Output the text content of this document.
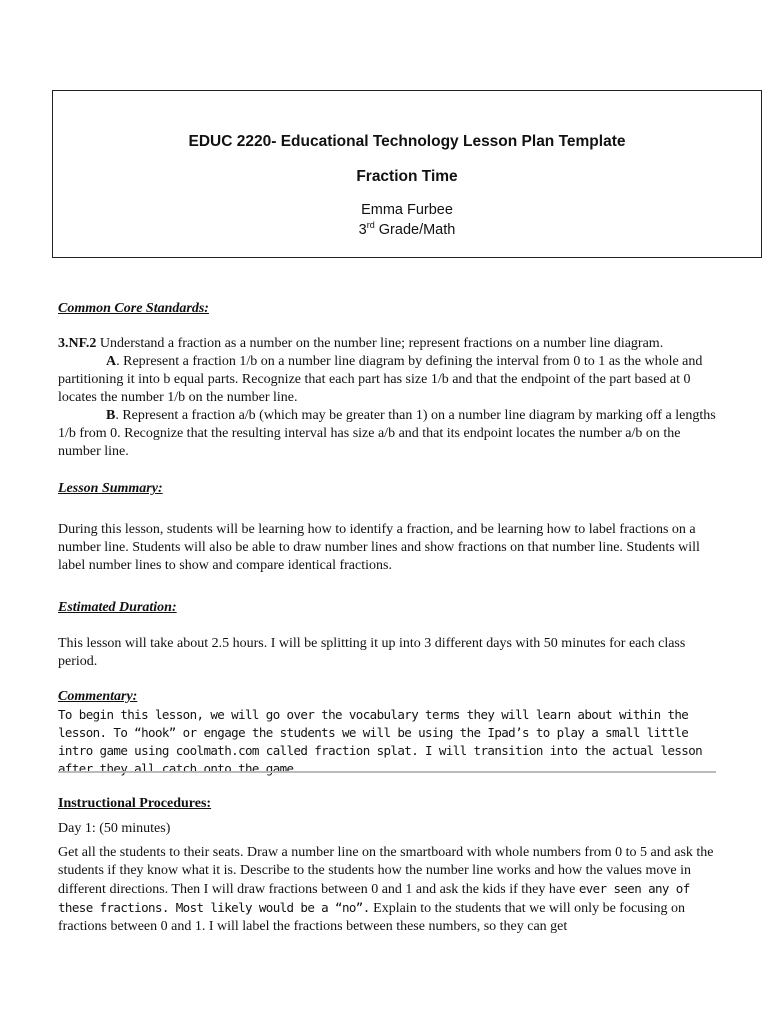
EDUC 2220- Educational Technology Lesson Plan Template
Fraction Time
Emma Furbee
3rd Grade/Math
Common Core Standards:

3.NF.2 Understand a fraction as a number on the number line; represent fractions on a number line diagram.

A. Represent a fraction 1/b on a number line diagram by defining the interval from 0 to 1 as the whole and partitioning it into b equal parts. Recognize that each part has size 1/b and that the endpoint of the part based at 0 locates the number 1/b on the number line.

B. Represent a fraction a/b (which may be greater than 1) on a number line diagram by marking off a lengths 1/b from 0. Recognize that the resulting interval has size a/b and that its endpoint locates the number a/b on the number line.

Lesson Summary:
During this lesson, students will be learning how to identify a fraction, and be learning how to label fractions on a number line. Students will also be able to draw number lines and show fractions on that number line. Students will label number lines to show and compare identical fractions.
Estimated Duration:
This lesson will take about 2.5 hours. I will be splitting it up into 3 different days with 50 minutes for each class period.
Commentary:
To begin this lesson, we will go over the vocabulary terms they will learn about within the lesson. To “hook” or engage the students we will be using the Ipad’s to play a small little intro game using coolmath.com called fraction splat. I will transition into the actual lesson after they all catch onto the game.
Instructional Procedures:
Day 1: (50 minutes)
Get all the students to their seats. Draw a number line on the smartboard with whole numbers from 0 to 5 and ask the students if they know what it is. Describe to the students how the number line works and how the values move in different directions. Then I will draw fractions between 0 and 1 and ask the kids if they have ever seen any of these fractions. Most likely would be a “no”. Explain to the students that we will only be focusing on fractions between 0 and 1. I will label the fractions between these numbers, so they can get
